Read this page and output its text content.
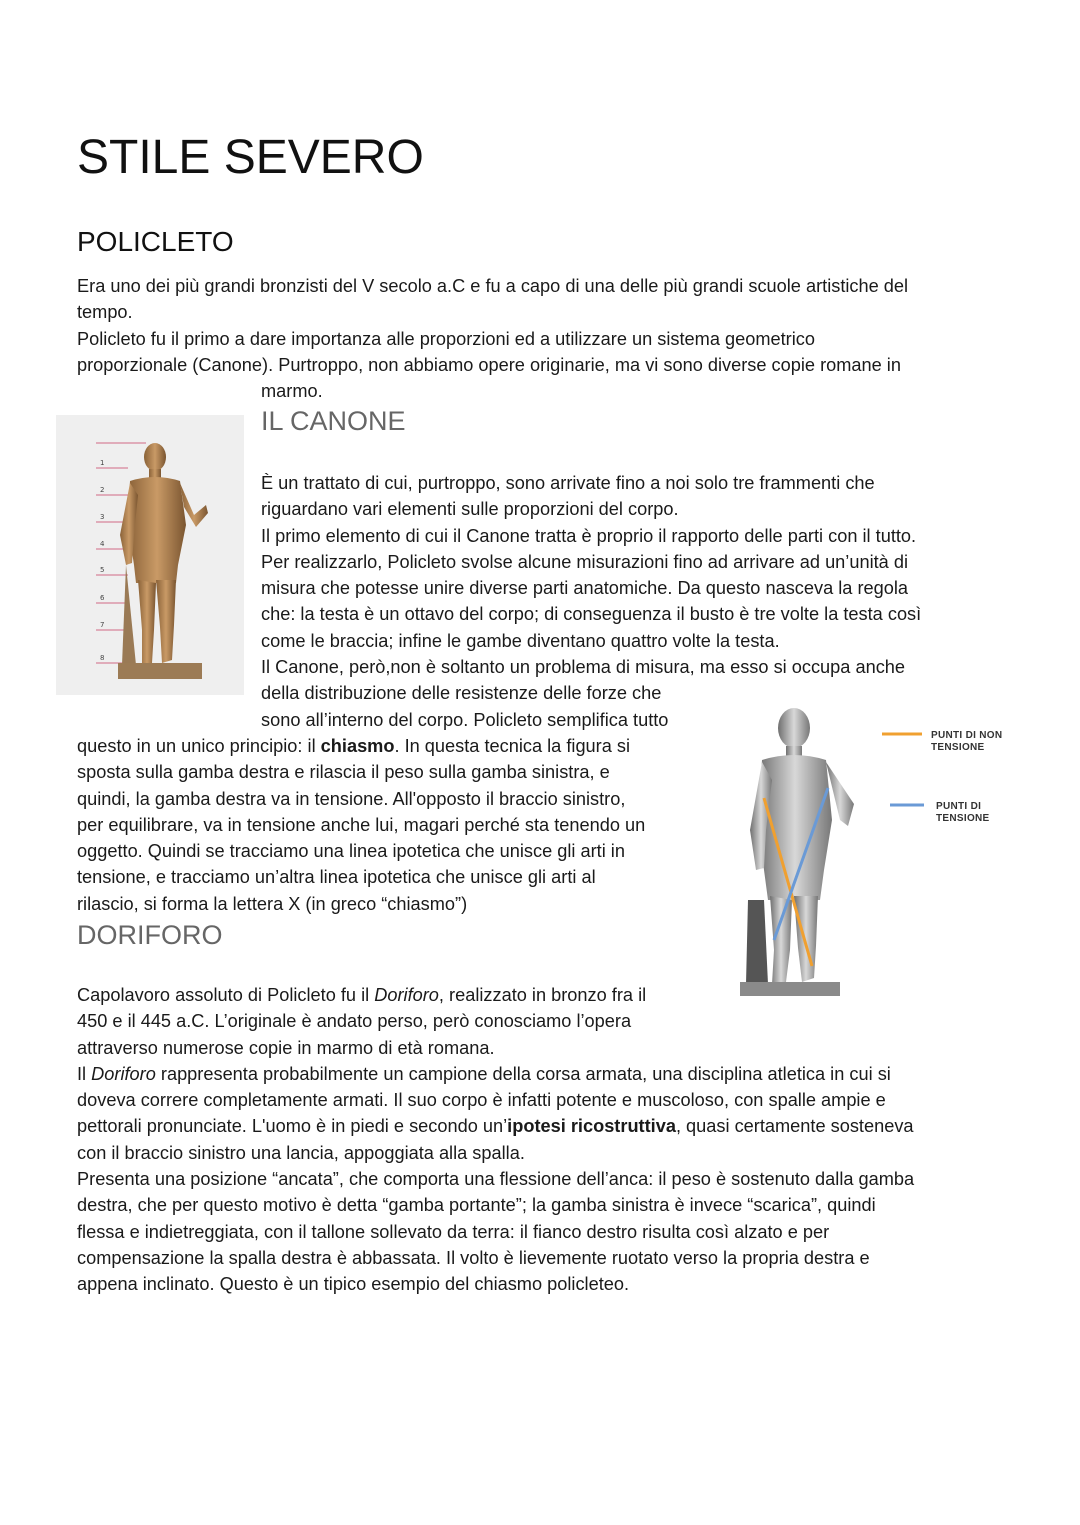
STILE SEVERO
POLICLETO
Era uno dei più grandi bronzisti del V secolo a.C e fu a capo di una delle più grandi scuole artistiche del
tempo.
Policleto fu il primo a dare importanza alle proporzioni ed a utilizzare un sistema geometrico
proporzionale (Canone). Purtroppo, non abbiamo opere originarie, ma vi sono diverse copie romane in
marmo.
1
2
3
4
5
6
7
8
IL CANONE
È un trattato di cui, purtroppo, sono arrivate fino a noi solo tre frammenti che
riguardano vari elementi sulle proporzioni del corpo.
Il primo elemento di cui il Canone tratta è proprio il rapporto delle parti con il tutto.
Per realizzarlo, Policleto svolse alcune misurazioni fino ad arrivare ad un’unità di
misura che potesse unire diverse parti anatomiche. Da questo nasceva la regola
che: la testa è un ottavo del corpo; di conseguenza il busto è tre volte la testa così
come le braccia; infine le gambe diventano quattro volte la testa.
Il Canone, però,non è soltanto un problema di misura, ma esso si occupa anche
della distribuzione delle resistenze delle forze che
sono all’interno del corpo. Policleto semplifica tutto
questo in un unico principio: il chiasmo. In questa tecnica la figura si
sposta sulla gamba destra e rilascia il peso sulla gamba sinistra, e
quindi, la gamba destra va in tensione. All'opposto il braccio sinistro,
per equilibrare, va in tensione anche lui, magari perché sta tenendo un
oggetto. Quindi se tracciamo una linea ipotetica che unisce gli arti in
tensione, e tracciamo un’altra linea ipotetica che unisce gli arti al
rilascio, si forma la lettera X (in greco “chiasmo”)
PUNTI DI NON
TENSIONE
PUNTI DI
TENSIONE
DORIFORO
Capolavoro assoluto di Policleto fu il Doriforo, realizzato in bronzo fra il
450 e il 445 a.C. L’originale è andato perso, però conosciamo l’opera
attraverso numerose copie in marmo di età romana.
Il Doriforo rappresenta probabilmente un campione della corsa armata, una disciplina atletica in cui si
doveva correre completamente armati. Il suo corpo è infatti potente e muscoloso, con spalle ampie e
pettorali pronunciate. L'uomo è in piedi e secondo un’ipotesi ricostruttiva, quasi certamente sosteneva
con il braccio sinistro una lancia, appoggiata alla spalla.
Presenta una posizione “ancata”, che comporta una flessione dell’anca: il peso è sostenuto dalla gamba
destra, che per questo motivo è detta “gamba portante”; la gamba sinistra è invece “scarica”, quindi
flessa e indietreggiata, con il tallone sollevato da terra: il fianco destro risulta così alzato e per
compensazione la spalla destra è abbassata. Il volto è lievemente ruotato verso la propria destra e
appena inclinato. Questo è un tipico esempio del chiasmo policleteo.
